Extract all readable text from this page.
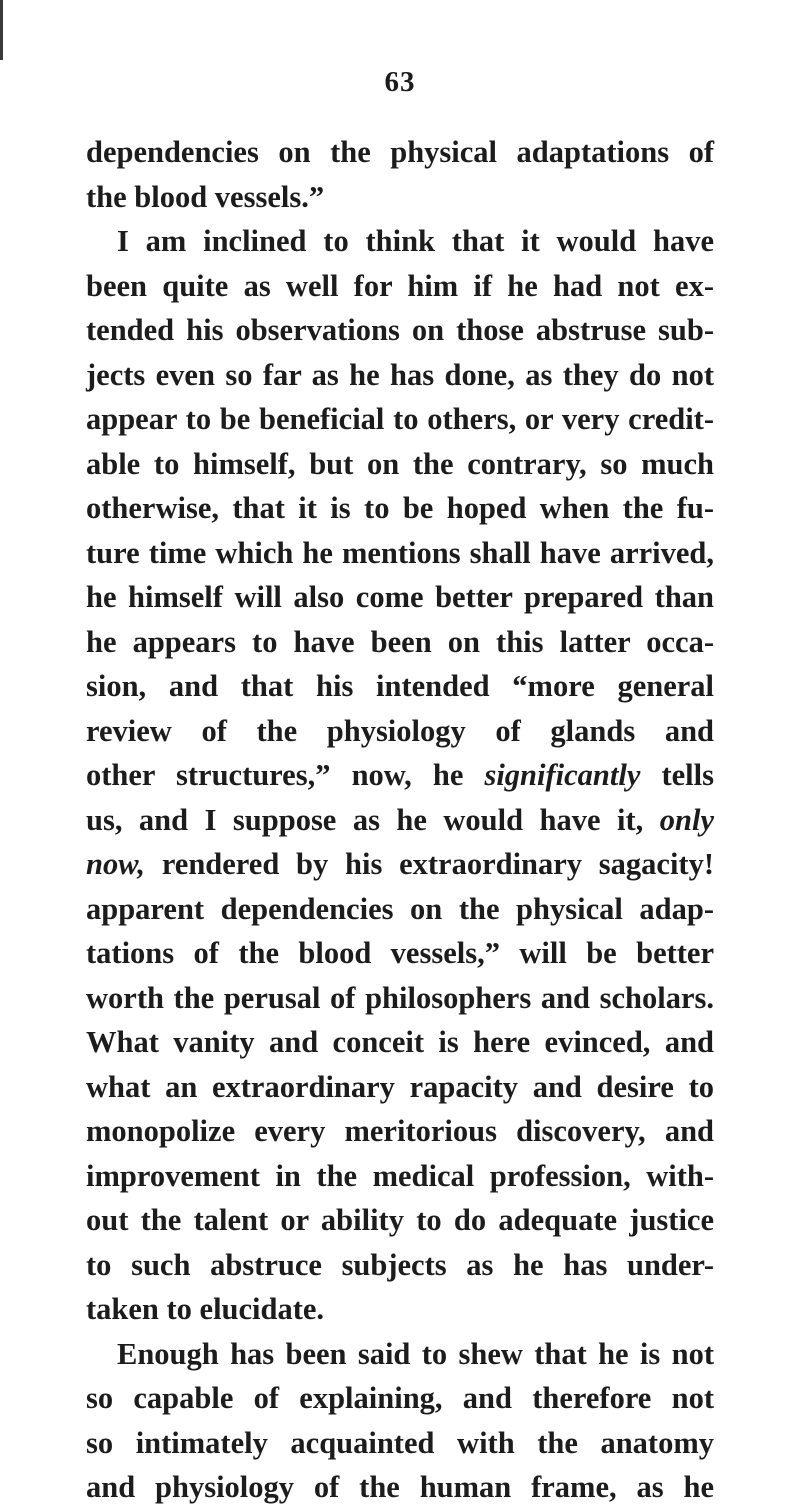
63
dependencies on the physical adaptations of
the blood vessels.”
I am inclined to think that it would have
been quite as well for him if he had not ex-
tended his observations on those abstruse sub-
jects even so far as he has done, as they do not
appear to be beneficial to others, or very credit-
able to himself, but on the contrary, so much
otherwise, that it is to be hoped when the fu-
ture time which he mentions shall have arrived,
he himself will also come better prepared than
he appears to have been on this latter occa-
sion, and that his intended “more general
review of the physiology of glands and
other structures,” now, he significantly tells
us, and I suppose as he would have it, only
now, rendered by his extraordinary sagacity!
apparent dependencies on the physical adap-
tations of the blood vessels,” will be better
worth the perusal of philosophers and scholars.
What vanity and conceit is here evinced, and
what an extraordinary rapacity and desire to
monopolize every meritorious discovery, and
improvement in the medical profession, with-
out the talent or ability to do adequate justice
to such abstruce subjects as he has under-
taken to elucidate.
Enough has been said to shew that he is not
so capable of explaining, and therefore not
so intimately acquainted with the anatomy
and physiology of the human frame, as he
